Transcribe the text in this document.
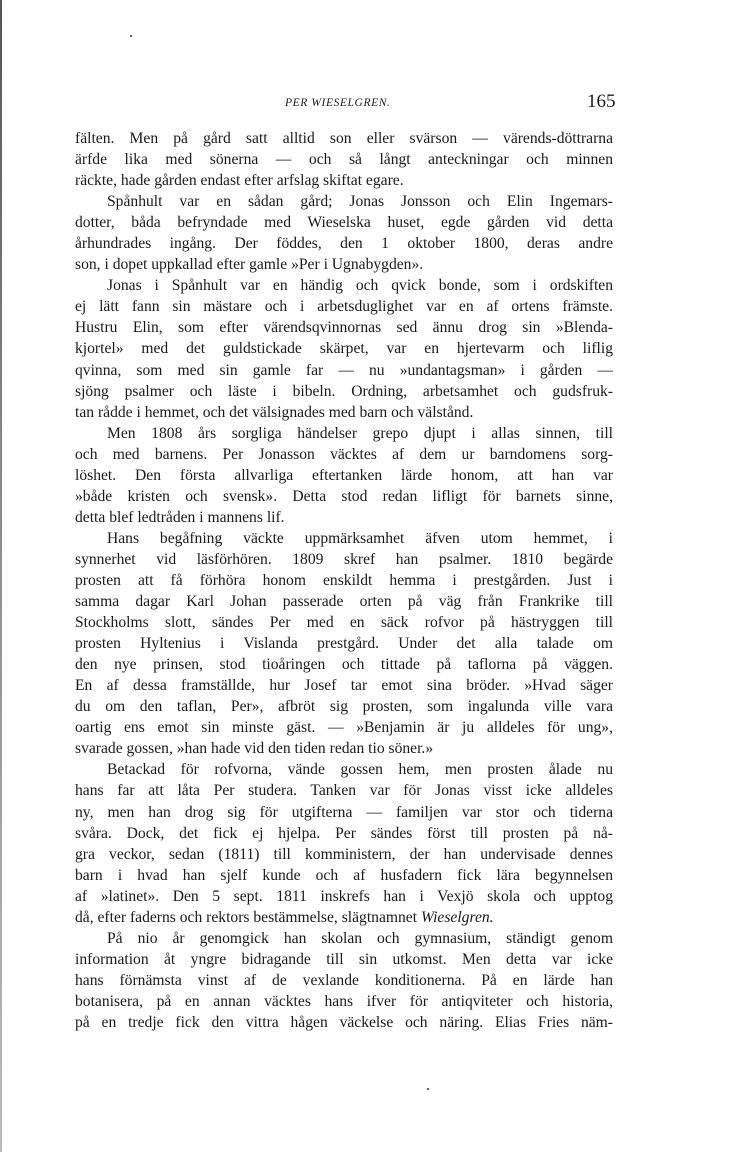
PER WIESELGREN.	165
fälten. Men på gård satt alltid son eller svärson — värends-döttrarna
ärfde lika med sönerna — och så långt anteckningar och minnen
räckte, hade gården endast efter arfslag skiftat egare.
Spånhult var en sådan gård; Jonas Jonsson och Elin Ingemars-
dotter, båda befryndade med Wieselska huset, egde gården vid detta
århundrades ingång. Der föddes, den 1 oktober 1800, deras andre
son, i dopet uppkallad efter gamle »Per i Ugnabygden».
Jonas i Spånhult var en händig och qvick bonde, som i ordskiften
ej lätt fann sin mästare och i arbetsduglighet var en af ortens främste.
Hustru Elin, som efter värendsqvinnornas sed ännu drog sin »Blenda-
kjortel» med det guldstickade skärpet, var en hjertevarm och liflig
qvinna, som med sin gamle far — nu »undantagsman» i gården —
sjöng psalmer och läste i bibeln. Ordning, arbetsamhet och gudsfruk-
tan rådde i hemmet, och det välsignades med barn och välstånd.
Men 1808 års sorgliga händelser grepo djupt i allas sinnen, till
och med barnens. Per Jonasson väcktes af dem ur barndomens sorg-
löshet. Den första allvarliga eftertanken lärde honom, att han var
»både kristen och svensk». Detta stod redan lifligt för barnets sinne,
detta blef ledtråden i mannens lif.
Hans begåfning väckte uppmärksamhet äfven utom hemmet, i
synnerhet vid läsförhören. 1809 skref han psalmer. 1810 begärde
prosten att få förhöra honom enskildt hemma i prestgården. Just i
samma dagar Karl Johan passerade orten på väg från Frankrike till
Stockholms slott, sändes Per med en säck rofvor på hästryggen till
prosten Hyltenius i Vislanda prestgård. Under det alla talade om
den nye prinsen, stod tioåringen och tittade på taflorna på väggen.
En af dessa framställde, hur Josef tar emot sina bröder. »Hvad säger
du om den taflan, Per», afbröt sig prosten, som ingalunda ville vara
oartig ens emot sin minste gäst. — »Benjamin är ju alldeles för ung»,
svarade gossen, »han hade vid den tiden redan tio söner.»
Betackad för rofvorna, vände gossen hem, men prosten ålade nu
hans far att låta Per studera. Tanken var för Jonas visst icke alldeles
ny, men han drog sig för utgifterna — familjen var stor och tiderna
svåra. Dock, det fick ej hjelpa. Per sändes först till prosten på nå-
gra veckor, sedan (1811) till komministern, der han undervisade dennes
barn i hvad han sjelf kunde och af husfadern fick lära begynnelsen
af »latinet». Den 5 sept. 1811 inskrefs han i Vexjö skola och upptog
då, efter faderns och rektors bestämmelse, slägtnamnet Wieselgren.
På nio år genomgick han skolan och gymnasium, ständigt genom
information åt yngre bidragande till sin utkomst. Men detta var icke
hans förnämsta vinst af de vexlande konditionerna. På en lärde han
botanisera, på en annan väcktes hans ifver för antiqviteter och historia,
på en tredje fick den vittra hågen väckelse och näring. Elias Fries näm-
